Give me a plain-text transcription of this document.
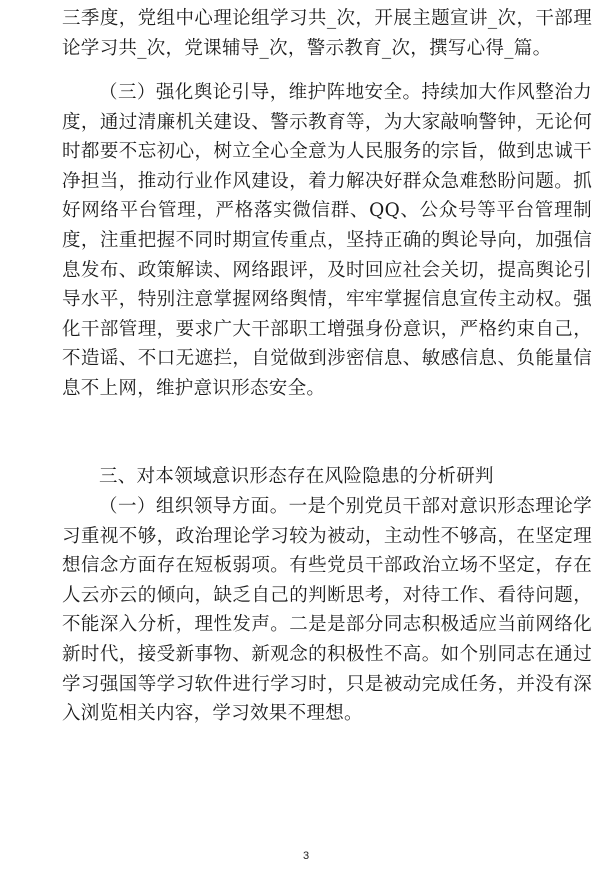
三季度，党组中心理论组学习共_次，开展主题宣讲_次，干部理论学习共_次，党课辅导_次，警示教育_次，撰写心得_篇。

（三）强化舆论引导，维护阵地安全。持续加大作风整治力度，通过清廉机关建设、警示教育等，为大家敲响警钟，无论何时都要不忘初心，树立全心全意为人民服务的宗旨，做到忠诚干净担当，推动行业作风建设，着力解决好群众急难愁盼问题。抓好网络平台管理，严格落实微信群、QQ、公众号等平台管理制度，注重把握不同时期宣传重点，坚持正确的舆论导向，加强信息发布、政策解读、网络跟评，及时回应社会关切，提高舆论引导水平，特别注意掌握网络舆情，牢牢掌握信息宣传主动权。强化干部管理，要求广大干部职工增强身份意识，严格约束自己，不造谣、不口无遮拦，自觉做到涉密信息、敏感信息、负能量信息不上网，维护意识形态安全。

三、对本领域意识形态存在风险隐患的分析研判

（一）组织领导方面。一是个别党员干部对意识形态理论学习重视不够，政治理论学习较为被动，主动性不够高，在坚定理想信念方面存在短板弱项。有些党员干部政治立场不坚定，存在人云亦云的倾向，缺乏自己的判断思考，对待工作、看待问题，不能深入分析，理性发声。二是是部分同志积极适应当前网络化新时代，接受新事物、新观念的积极性不高。如个别同志在通过学习强国等学习软件进行学习时，只是被动完成任务，并没有深入浏览相关内容，学习效果不理想。

3
